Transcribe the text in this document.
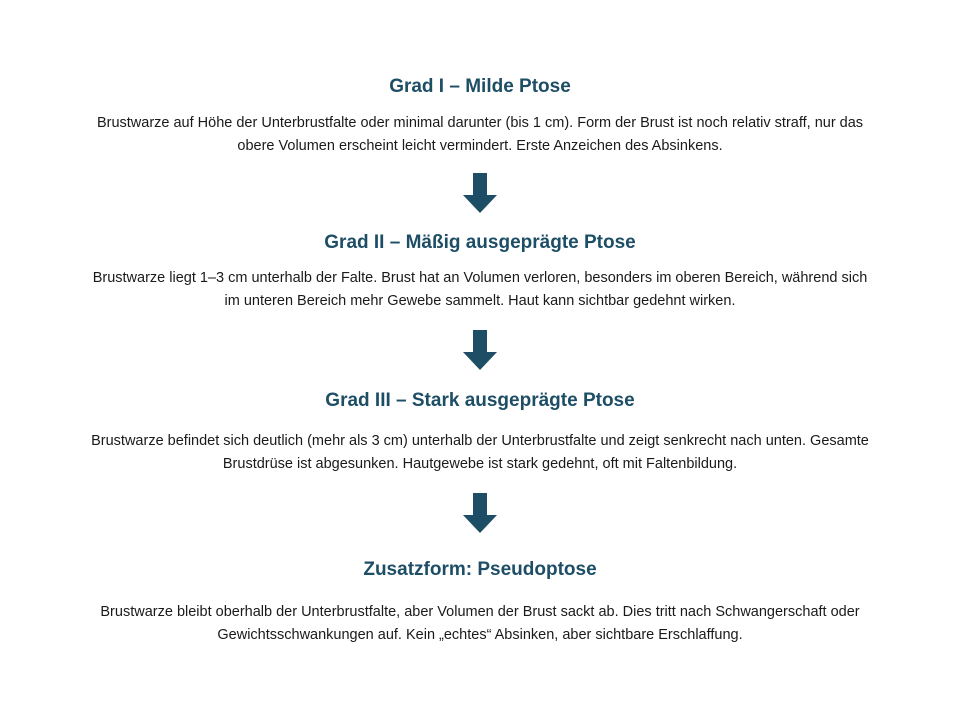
Grad I – Milde Ptose

Brustwarze auf Höhe der Unterbrustfalte oder minimal darunter (bis 1 cm). Form der Brust ist noch relativ straff, nur das obere Volumen erscheint leicht vermindert. Erste Anzeichen des Absinkens.

Grad II – Mäßig ausgeprägte Ptose

Brustwarze liegt 1–3 cm unterhalb der Falte. Brust hat an Volumen verloren, besonders im oberen Bereich, während sich im unteren Bereich mehr Gewebe sammelt. Haut kann sichtbar gedehnt wirken.

Grad III – Stark ausgeprägte Ptose

Brustwarze befindet sich deutlich (mehr als 3 cm) unterhalb der Unterbrustfalte und zeigt senkrecht nach unten. Gesamte Brustdrüse ist abgesunken. Hautgewebe ist stark gedehnt, oft mit Faltenbildung.

Zusatzform: Pseudoptose

Brustwarze bleibt oberhalb der Unterbrustfalte, aber Volumen der Brust sackt ab. Dies tritt nach Schwangerschaft oder Gewichtsschwankungen auf. Kein „echtes“ Absinken, aber sichtbare Erschlaffung.
